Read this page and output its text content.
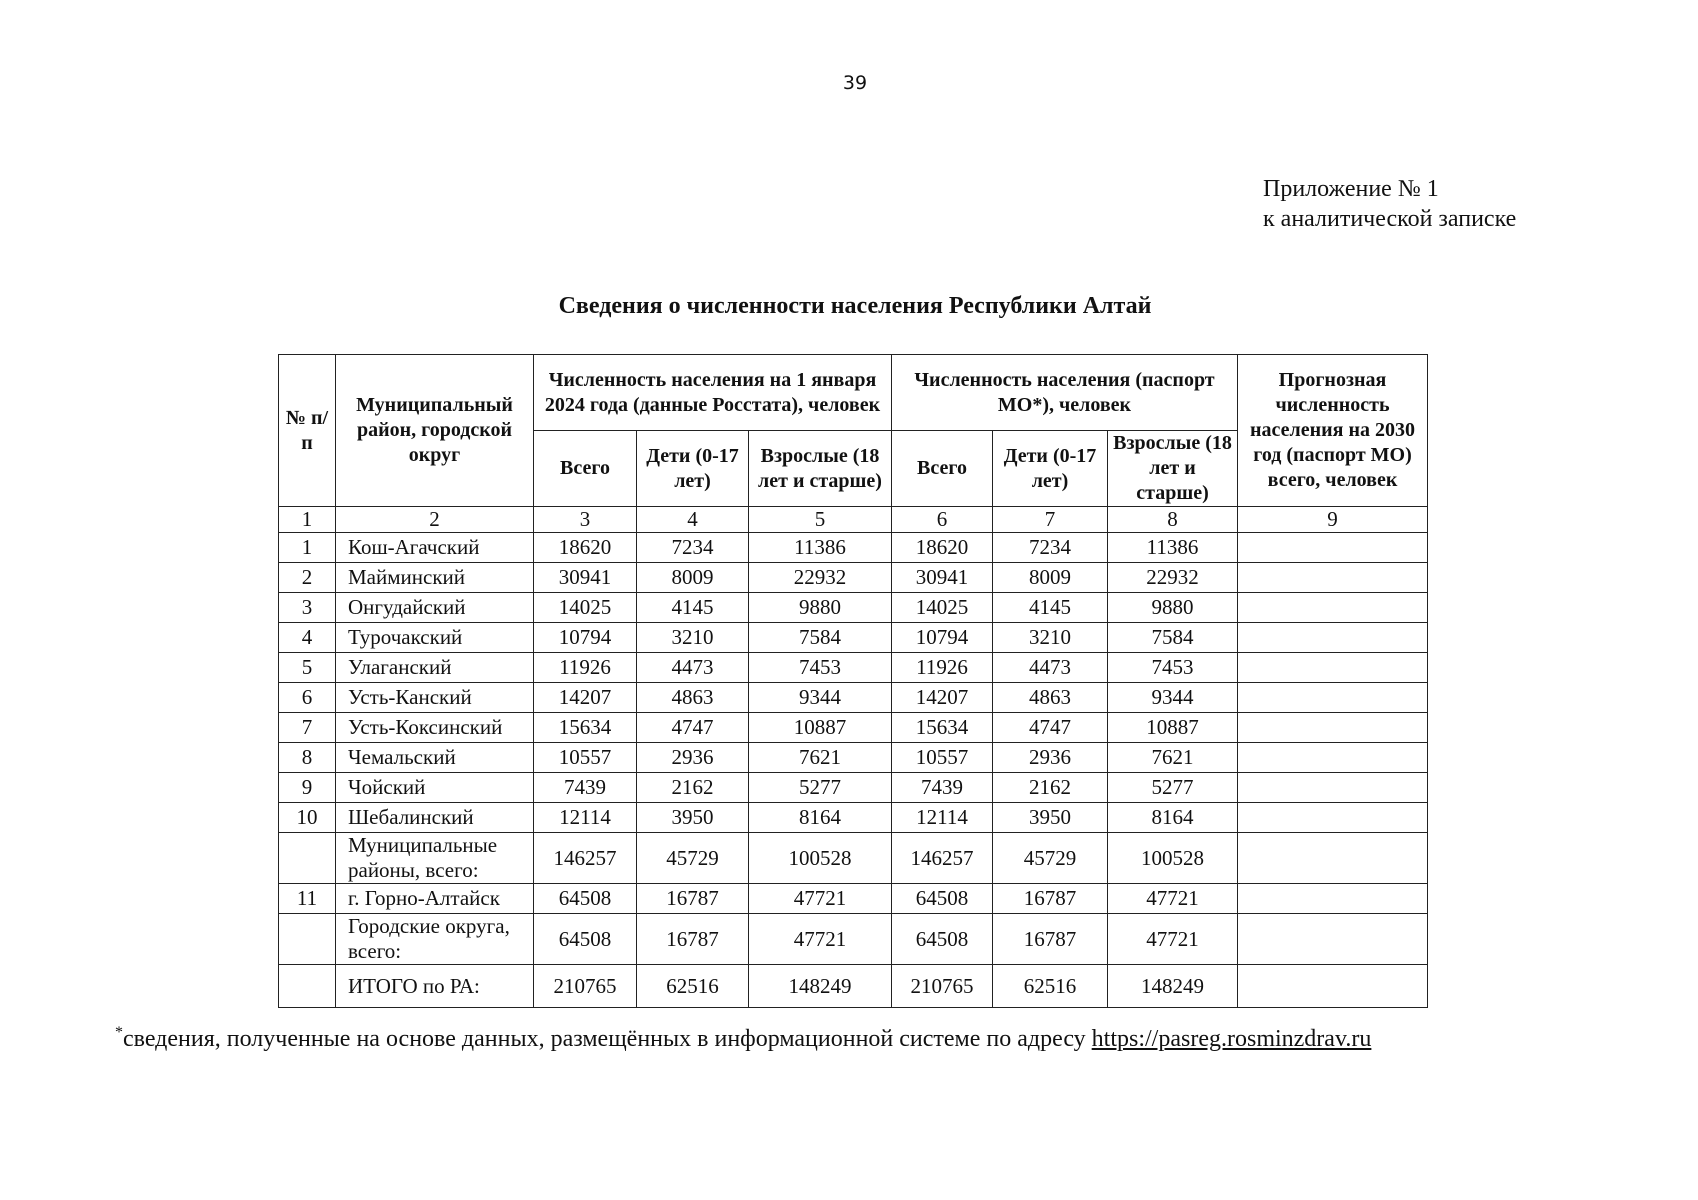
39
Приложение № 1
к аналитической записке
Сведения о численности населения Республики Алтай
№ п/п	Муниципальный район, городской округ	Численность населения на 1 января 2024 года (данные Росстата), человек			Численность населения (паспорт МО*), человек			Прогнозная численность населения на 2030 год (паспорт МО) всего, человек
		Всего	Дети (0-17 лет)	Взрослые (18 лет и старше)	Всего	Дети (0-17 лет)	Взрослые (18 лет и старше)	
1	2	3	4	5	6	7	8	9
1	Кош-Агачский	18620	7234	11386	18620	7234	11386	
2	Майминский	30941	8009	22932	30941	8009	22932	
3	Онгудайский	14025	4145	9880	14025	4145	9880	
4	Турочакский	10794	3210	7584	10794	3210	7584	
5	Улаганский	11926	4473	7453	11926	4473	7453	
6	Усть-Канский	14207	4863	9344	14207	4863	9344	
7	Усть-Коксинский	15634	4747	10887	15634	4747	10887	
8	Чемальский	10557	2936	7621	10557	2936	7621	
9	Чойский	7439	2162	5277	7439	2162	5277	
10	Шебалинский	12114	3950	8164	12114	3950	8164	
	Муниципальные районы, всего:	146257	45729	100528	146257	45729	100528	
11	г. Горно-Алтайск	64508	16787	47721	64508	16787	47721	
	Городские округа, всего:	64508	16787	47721	64508	16787	47721	
	ИТОГО по РА:	210765	62516	148249	210765	62516	148249	
*сведения, полученные на основе данных, размещённых в информационной системе по адресу https://pasreg.rosminzdrav.ru
